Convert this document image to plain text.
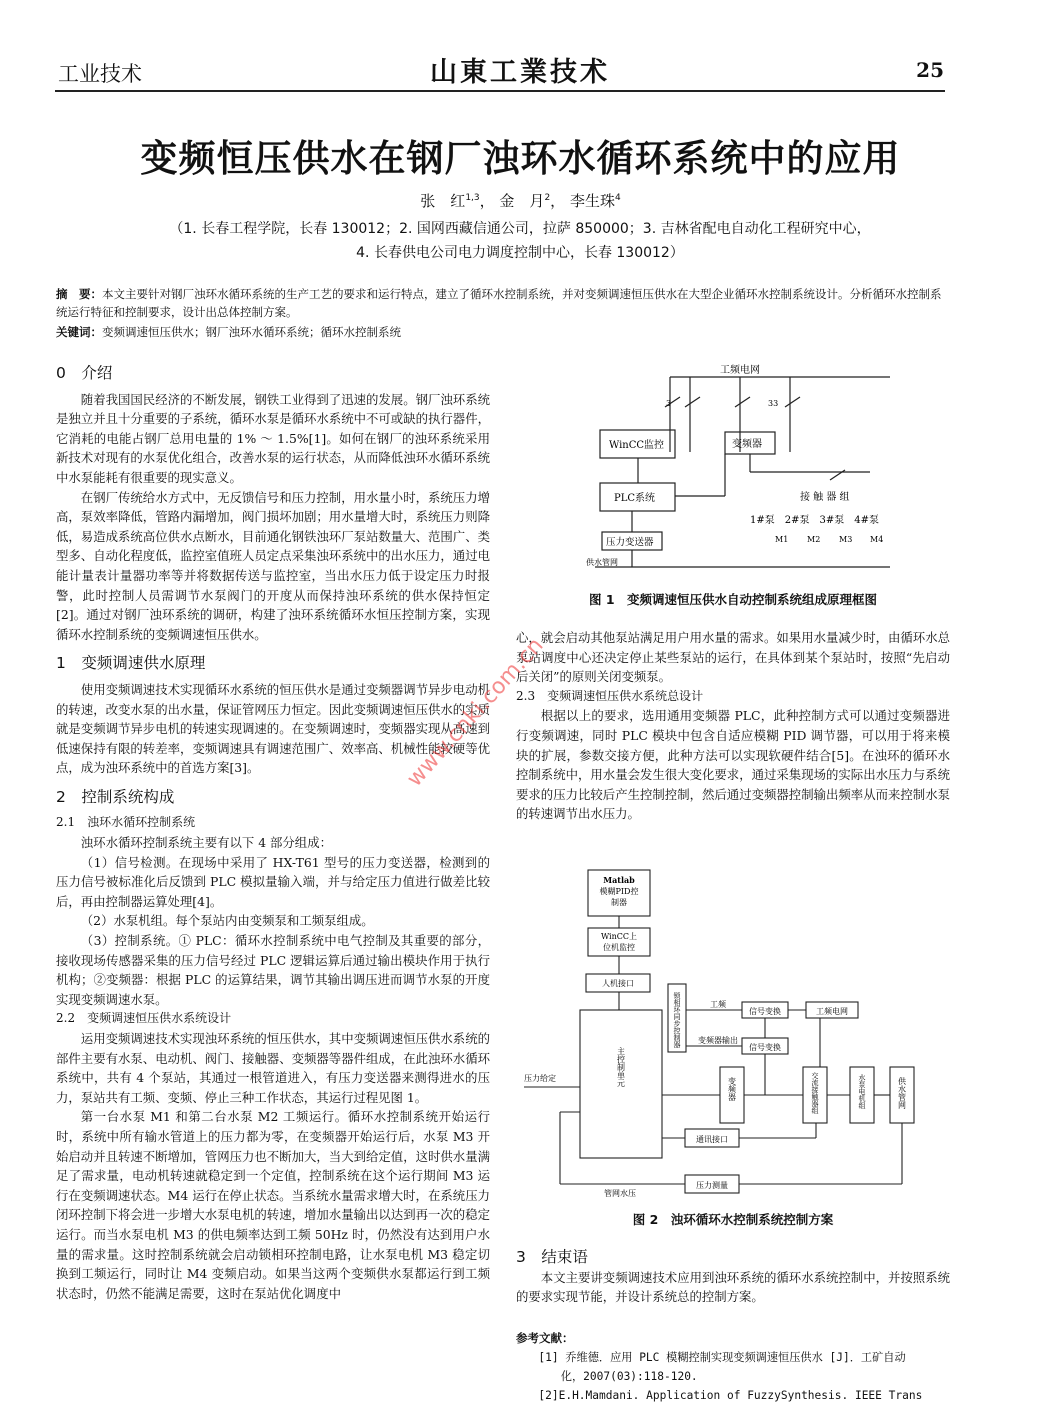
工业技术	山東工業技术	25
变频恒压供水在钢厂浊环水循环系统中的应用
张　红$^{1,3}$， 金　月$^2$， 李生珠$^4$
（1. 长春工程学院，长春 130012；2. 国网西藏信通公司，拉萨 850000；3. 吉林省配电自动化工程研究中心，
4. 长春供电公司电力调度控制中心，长春 130012）
摘　要：本文主要针对钢厂浊环水循环系统的生产工艺的要求和运行特点，建立了循环水控制系统，并对变频调速恒压供水在大型企业循环水控制系统设计。分析循环水控制系统运行特征和控制要求，设计出总体控制方案。
关键词：变频调速恒压供水；钢厂浊环水循环系统；循环水控制系统
0　介绍

随着我国国民经济的不断发展，钢铁工业得到了迅速的发展。钢厂浊环系统是独立并且十分重要的子系统，循环水泵是循环水系统中不可或缺的执行器件，它消耗的电能占钢厂总用电量的 1% ～ 1.5%[1]。如何在钢厂的浊环系统采用新技术对现有的水泵优化组合，改善水泵的运行状态，从而降低浊环水循环系统中水泵能耗有很重要的现实意义。

在钢厂传统给水方式中，无反馈信号和压力控制，用水量小时，系统压力增高，泵效率降低，管路内漏增加，阀门损坏加剧；用水量增大时，系统压力则降低，易造成系统高位供水点断水，目前通化钢铁浊环厂泵站数量大、范围广、类型多、自动化程度低，监控室值班人员定点采集浊环系统中的出水压力，通过电能计量表计量器功率等并将数据传送与监控室，当出水压力低于设定压力时报警，此时控制人员需调节水泵阀门的开度从而保持浊环系统的供水保持恒定[2]。通过对钢厂浊环系统的调研，构建了浊环系统循环水恒压控制方案，实现循环水控制系统的变频调速恒压供水。

1　变频调速供水原理

使用变频调速技术实现循环水系统的恒压供水是通过变频器调节异步电动机的转速，改变水泵的出水量，保证管网压力恒定。因此变频调速恒压供水的实质就是变频调节异步电机的转速实现调速的。在变频调速时，变频器实现从高速到低速保持有限的转差率，变频调速具有调速范围广、效率高、机械性能较硬等优点，成为浊环系统中的首选方案[3]。

2　控制系统构成
2.1　浊环水循环控制系统

浊环水循环控制系统主要有以下 4 部分组成：

（1）信号检测。在现场中采用了 HX-T61 型号的压力变送器，检测到的压力信号被标准化后反馈到 PLC 模拟量输入端，并与给定压力值进行做差比较后，再由控制器运算处理[4]。

（2）水泵机组。每个泵站内由变频泵和工频泵组成。

（3）控制系统。① PLC：循环水控制系统中电气控制及其重要的部分，接收现场传感器采集的压力信号经过 PLC 逻辑运算后通过输出模块作用于执行机构；②变频器：根据 PLC 的运算结果，调节其输出调压进而调节水泵的开度实现变频调速水泵。

2.2　变频调速恒压供水系统设计

运用变频调速技术实现浊环系统的恒压供水，其中变频调速恒压供水系统的部件主要有水泵、电动机、阀门、接触器、变频器等器件组成，在此浊环水循环系统中，共有 4 个泵站，其通过一根管道进入，有压力变送器来测得进水的压力，泵站共有工频、变频、停止三种工作状态，其运行过程见图 1。

第一台水泵 M1 和第二台水泵 M2 工频运行。循环水控制系统开始运行时，系统中所有输水管道上的压力都为零，在变频器开始运行后，水泵 M3 开始启动并且转速不断增加，管网压力也不断加大，当大到给定值，这时供水量满足了需求量，电动机转速就稳定到一个定值，控制系统在这个运行期间 M3 运行在变频调速状态。M4 运行在停止状态。当系统水量需求增大时，在系统压力闭环控制下将会进一步增大水泵电机的转速，增加水量输出以达到再一次的稳定运行。而当水泵电机 M3 的供电频率达到工频 50Hz 时，仍然没有达到用户水量的需求量。这时控制系统就会启动锁相环控制电路，让水泵电机 M3 稳定切换到工频运行，同时让 M4 变频启动。如果当这两个变频供水泵都运行到工频状态时，仍然不能满足需要，这时在泵站优化调度中

工频电网
3	33
WinCC监控	变频器
PLC系统	接 触 器 组
1#泵　2#泵　3#泵　4#泵
M1 M2 M3 M4
压力变送器
供水管网
图 1　变频调速恒压供水自动控制系统组成原理框图

心，就会启动其他泵站满足用户用水量的需求。如果用水量减少时，由循环水总泵站调度中心还决定停止某些泵站的运行，在具体到某个泵站时，按照“先启动后关闭”的原则关闭变频泵。

2.3　变频调速恒压供水系统总设计

根据以上的要求，选用通用变频器 PLC，此种控制方式可以通过变频器进行变频调速，同时 PLC 模块中包含自适应模糊 PID 调节器，可以用于将来模块的扩展，参数交接方便，此种方法可以实现软硬件结合[5]。在浊环的循环水控制系统中，用水量会发生很大变化要求，通过采集现场的实际出水压力与系统要求的压力比较后产生控制控制，然后通过变频器控制输出频率从而来控制水泵的转速调节出水压力。

Matlab
模糊PID控
制器
WinCC上
位机监控
人机接口
锁相环同步控制器
主控制单元
工频
信号变换	工频电网
变频器输出
信号变换
压力给定	变频器	交流接触器组	水泵电机组	供水管网
通讯接口
压力测量
管网水压
图 2　浊环循环水控制系统控制方案
3　结束语

本文主要讲变频调速技术应用到浊环系统的循环水系统控制中，并按照系统的要求实现节能，并设计系统总的控制方案。

参考文献：

[1] 乔维德．应用 PLC 模糊控制实现变频调速恒压供水 [J]．工矿自动

化，2007(03):118-120.

[2]E.H.Mamdani. Application of FuzzySynthesis. IEEE Trans

www.cnki.com.cn
